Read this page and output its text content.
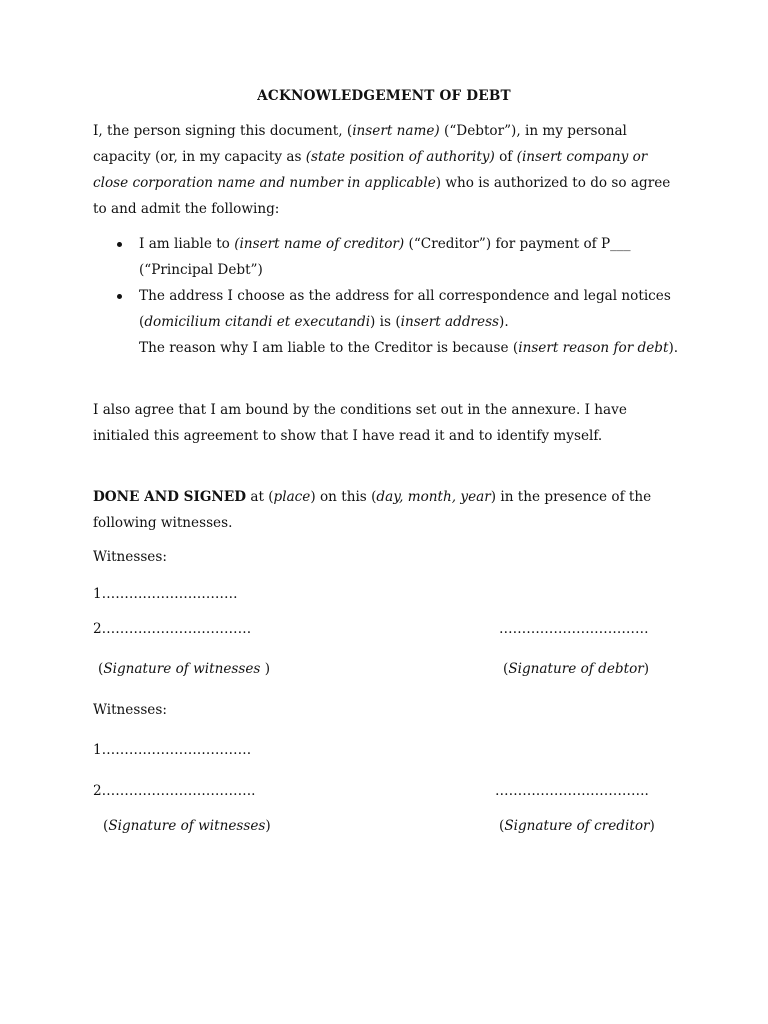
ACKNOWLEDGEMENT OF DEBT
I, the person signing this document, (insert name) (“Debtor”), in my personal capacity (or, in my capacity as (state position of authority) of (insert company or close corporation name and number in applicable) who is authorized to do so agree to and admit the following:
I am liable to (insert name of creditor) (“Creditor”) for payment of P___ (“Principal Debt”)
The address I choose as the address for all correspondence and legal notices (domicilium citandi et executandi) is (insert address).
The reason why I am liable to the Creditor is because (insert reason for debt).
I also agree that I am bound by the conditions set out in the annexure. I have initialed this agreement to show that I have read it and to identify myself.
DONE AND SIGNED at (place) on this (day, month, year) in the presence of the following witnesses.
Witnesses:
1…………………………
2……………………………	……………………………
(Signature of witnesses )	(Signature of debtor)
Witnesses:
1……………………………
2…………………………….	…………………………….
(Signature of witnesses)	(Signature of creditor)
